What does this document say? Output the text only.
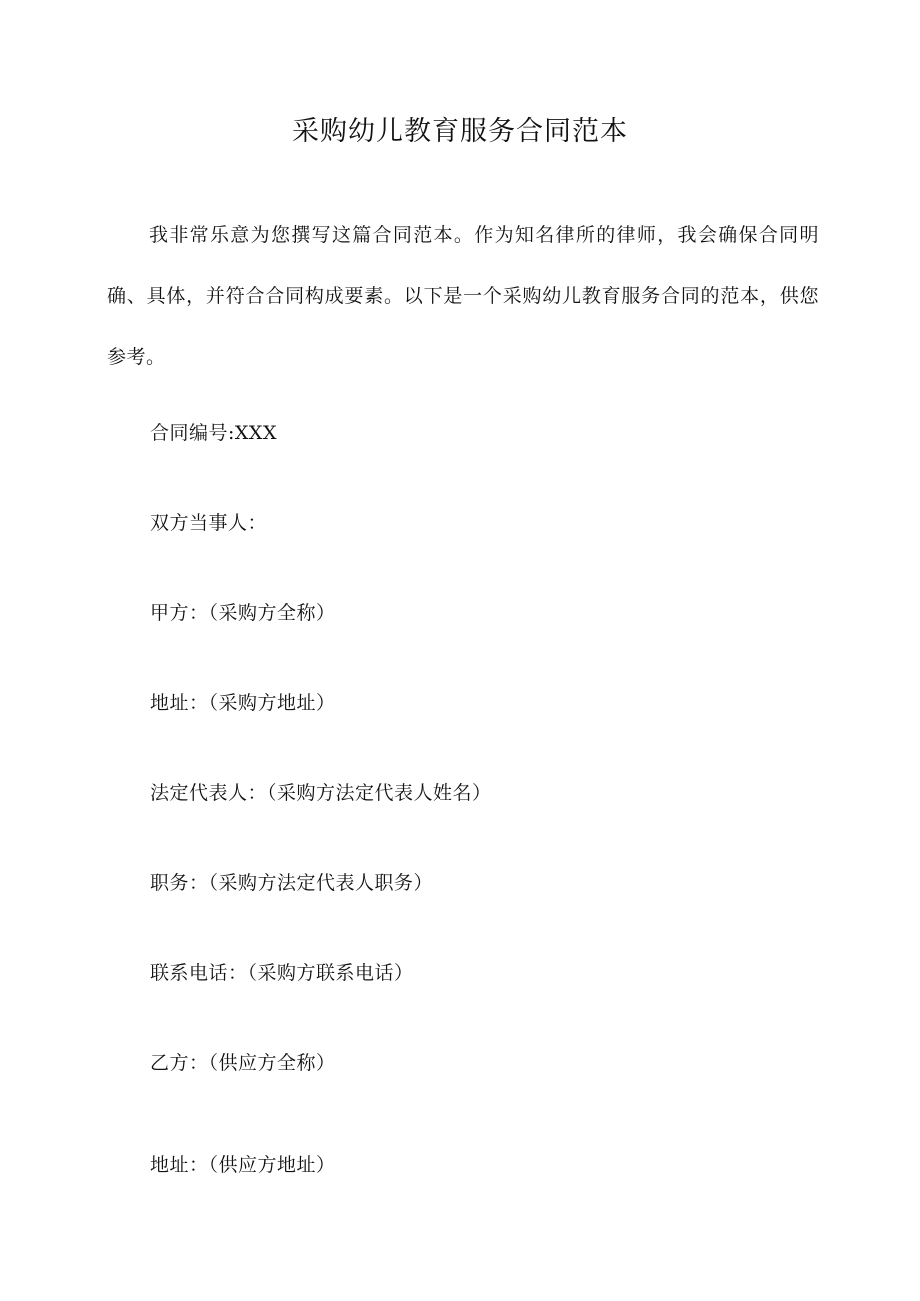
采购幼儿教育服务合同范本
我非常乐意为您撰写这篇合同范本。作为知名律所的律师，我会确保合同明确、具体，并符合合同构成要素。以下是一个采购幼儿教育服务合同的范本，供您参考。
合同编号:XXX
双方当事人：
甲方：（采购方全称）
地址：（采购方地址）
法定代表人：（采购方法定代表人姓名）
职务：（采购方法定代表人职务）
联系电话：（采购方联系电话）
乙方：（供应方全称）
地址：（供应方地址）
